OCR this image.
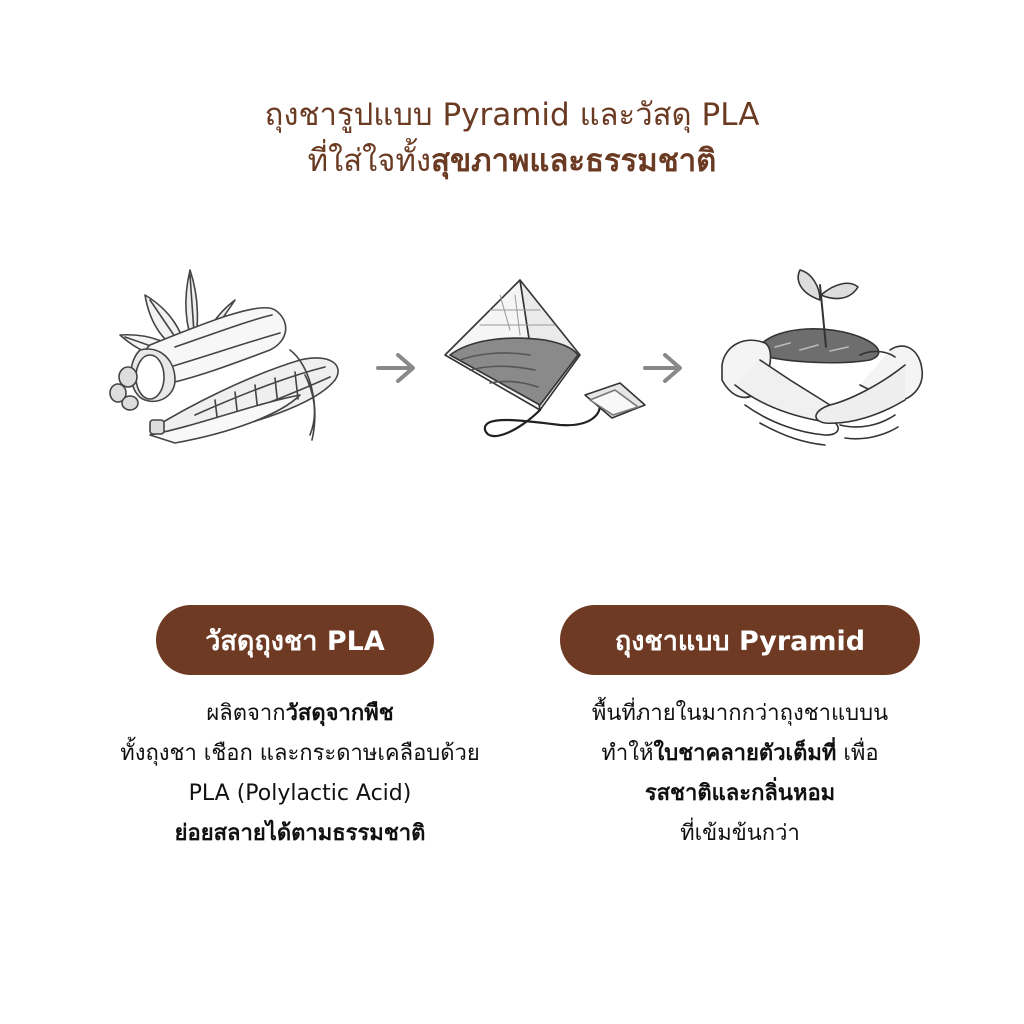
ถุงชารูปแบบ Pyramid และวัสดุ PLA
ที่ใส่ใจทั้งสุขภาพและธรรมชาติ
วัสดุถุงชา PLA	ถุงชาแบบ Pyramid
ผลิตจากวัสดุจากพืช
ทั้งถุงชา เชือก และกระดาษเคลือบด้วย
PLA (Polylactic Acid)
ย่อยสลายได้ตามธรรมชาติ
พื้นที่ภายในมากกว่าถุงชาแบบน
ทำให้ใบชาคลายตัวเต็มที่ เพื่อ
รสชาติและกลิ่นหอม
ที่เข้มข้นกว่า
